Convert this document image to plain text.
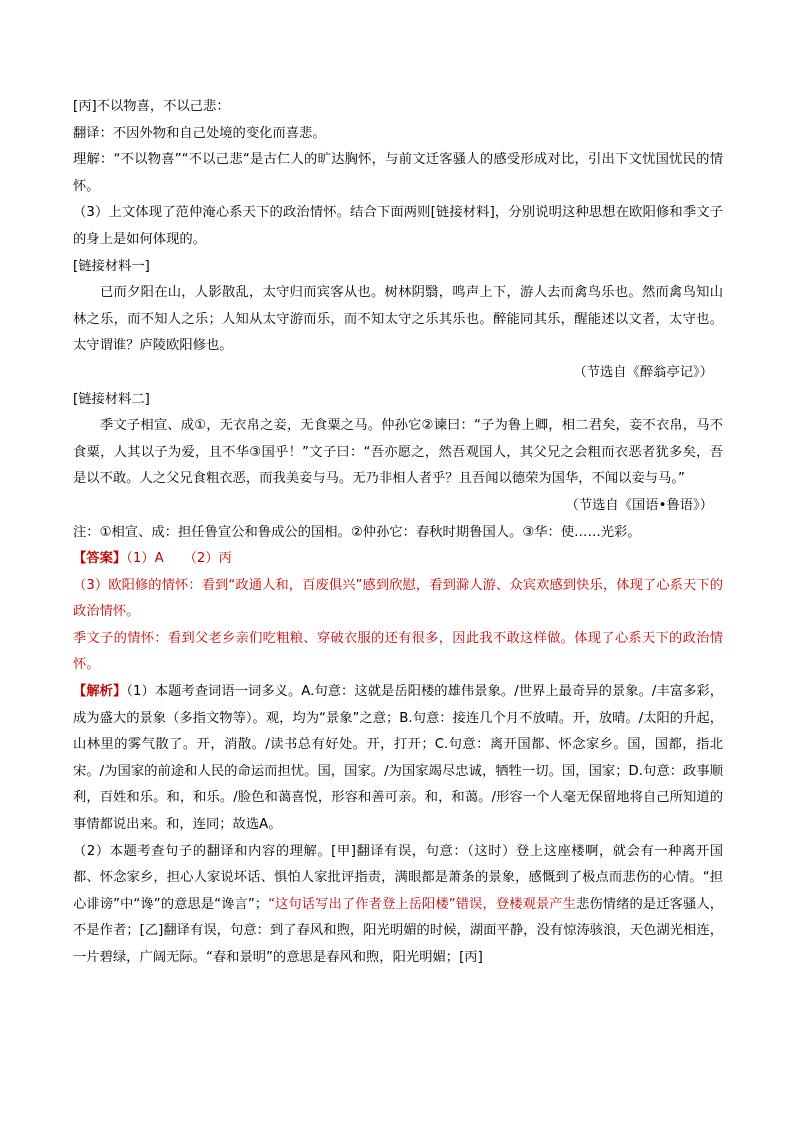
[丙]不以物喜，不以己悲：

翻译：不因外物和自己处境的变化而喜悲。

理解：“不以物喜”“不以己悲“是古仁人的旷达胸怀，与前文迁客骚人的感受形成对比，引出下文忧国忧民的情怀。

（3）上文体现了范仲淹心系天下的政治情怀。结合下面两则[链接材料]，分别说明这种思想在欧阳修和季文子的身上是如何体现的。

[链接材料一]

已而夕阳在山，人影散乱，太守归而宾客从也。树林阴翳，鸣声上下，游人去而禽鸟乐也。然而禽鸟知山林之乐，而不知人之乐；人知从太守游而乐，而不知太守之乐其乐也。醉能同其乐，醒能述以文者，太守也。太守谓谁？庐陵欧阳修也。

（节选自《醉翁亭记》）

[链接材料二]

季文子相宣、成①，无衣帛之妾，无食粟之马。仲孙它②谏曰：“子为鲁上卿，相二君矣，妾不衣帛，马不食粟，人其以子为爱，且不华③国乎！”文子曰：“吾亦愿之，然吾观国人，其父兄之会粗而衣恶者犹多矣，吾是以不敢。人之父兄食粗衣恶，而我美妾与马。无乃非相人者乎？且吾闻以德荣为国华，不闻以妾与马。”

（节选自《国语•鲁语》）

注：①相宣、成：担任鲁宣公和鲁成公的国相。②仲孙它：春秋时期鲁国人。③华：使……光彩。

【答案】（1）A　　（2）丙

（3）欧阳修的情怀：看到“政通人和，百废俱兴”感到欣慰，看到滁人游、众宾欢感到快乐，体现了心系天下的政治情怀。

季文子的情怀：看到父老乡亲们吃粗粮、穿破衣服的还有很多，因此我不敢这样做。体现了心系天下的政治情怀。

【解析】（1）本题考查词语一词多义。A.句意：这就是岳阳楼的雄伟景象。/世界上最奇异的景象。/丰富多彩，成为盛大的景象（多指文物等）。观，均为“景象”之意；B.句意：接连几个月不放晴。开，放晴。/太阳的升起，山林里的雾气散了。开，消散。/读书总有好处。开，打开；C.句意：离开国都、怀念家乡。国，国都，指北宋。/为国家的前途和人民的命运而担忧。国，国家。/为国家竭尽忠诚，牺牲一切。国，国家；D.句意：政事顺利，百姓和乐。和，和乐。/脸色和蔼喜悦，形容和善可亲。和，和蔼。/形容一个人毫无保留地将自己所知道的事情都说出来。和，连同；故选A。

（2）本题考查句子的翻译和内容的理解。[甲]翻译有误，句意：（这时）登上这座楼啊，就会有一种离开国都、怀念家乡，担心人家说坏话、惧怕人家批评指责，满眼都是萧条的景象，感慨到了极点而悲伤的心情。“担心诽谤”中“谗”的意思是“谗言”；“这句话写出了作者登上岳阳楼”错误，登楼观景产生悲伤情绪的是迁客骚人，不是作者；[乙]翻译有误，句意：到了春风和煦，阳光明媚的时候，湖面平静，没有惊涛骇浪，天色湖光相连，一片碧绿，广阔无际。“春和景明”的意思是春风和煦，阳光明媚；[丙]
